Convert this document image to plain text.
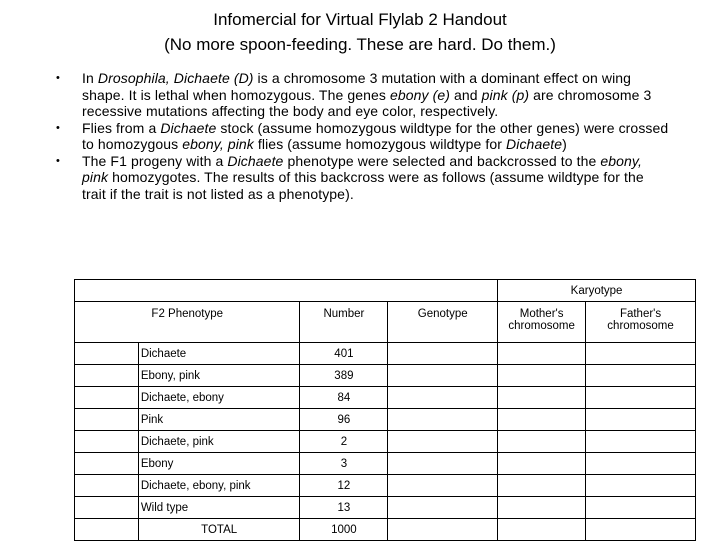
Infomercial for Virtual Flylab 2 Handout
(No more spoon-feeding. These are hard. Do them.)
• In Drosophila, Dichaete (D) is a chromosome 3 mutation with a dominant effect on wing shape. It is lethal when homozygous. The genes ebony (e) and pink (p) are chromosome 3 recessive mutations affecting the body and eye color, respectively.
• Flies from a Dichaete stock (assume homozygous wildtype for the other genes) were crossed to homozygous ebony, pink flies (assume homozygous wildtype for Dichaete)
• The F1 progeny with a Dichaete phenotype were selected and backcrossed to the ebony, pink homozygotes. The results of this backcross were as follows (assume wildtype for the trait if the trait is not listed as a phenotype).
				Karyotype	
F2 Phenotype		Number	Genotype	Mother's chromosome	Father's chromosome
	Dichaete	401			
	Ebony, pink	389			
	Dichaete, ebony	84			
	Pink	96			
	Dichaete, pink	2			
	Ebony	3			
	Dichaete, ebony, pink	12			
	Wild type	13			
	TOTAL	1000			
